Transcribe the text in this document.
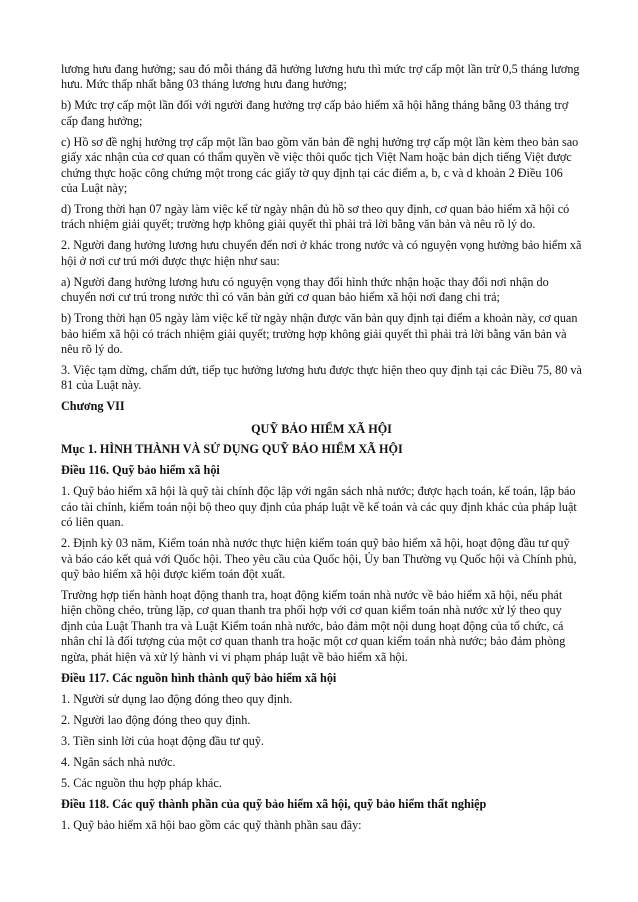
lương hưu đang hưởng; sau đó mỗi tháng đã hưởng lương hưu thì mức trợ cấp một lần trừ 0,5 tháng lương hưu. Mức thấp nhất bằng 03 tháng lương hưu đang hưởng;

b) Mức trợ cấp một lần đối với người đang hưởng trợ cấp bảo hiểm xã hội hằng tháng bằng 03 tháng trợ cấp đang hưởng;

c) Hồ sơ đề nghị hưởng trợ cấp một lần bao gồm văn bản đề nghị hưởng trợ cấp một lần kèm theo bản sao giấy xác nhận của cơ quan có thẩm quyền về việc thôi quốc tịch Việt Nam hoặc bản dịch tiếng Việt được chứng thực hoặc công chứng một trong các giấy tờ quy định tại các điểm a, b, c và d khoản 2 Điều 106 của Luật này;

d) Trong thời hạn 07 ngày làm việc kể từ ngày nhận đủ hồ sơ theo quy định, cơ quan bảo hiểm xã hội có trách nhiệm giải quyết; trường hợp không giải quyết thì phải trả lời bằng văn bản và nêu rõ lý do.

2. Người đang hưởng lương hưu chuyển đến nơi ở khác trong nước và có nguyện vọng hưởng bảo hiểm xã hội ở nơi cư trú mới được thực hiện như sau:

a) Người đang hưởng lương hưu có nguyện vọng thay đổi hình thức nhận hoặc thay đổi nơi nhận do chuyển nơi cư trú trong nước thì có văn bản gửi cơ quan bảo hiểm xã hội nơi đang chi trả;

b) Trong thời hạn 05 ngày làm việc kể từ ngày nhận được văn bản quy định tại điểm a khoản này, cơ quan bảo hiểm xã hội có trách nhiệm giải quyết; trường hợp không giải quyết thì phải trả lời bằng văn bản và nêu rõ lý do.

3. Việc tạm dừng, chấm dứt, tiếp tục hưởng lương hưu được thực hiện theo quy định tại các Điều 75, 80 và 81 của Luật này.

Chương VII

QUỸ BẢO HIỂM XÃ HỘI

Mục 1. HÌNH THÀNH VÀ SỬ DỤNG QUỸ BẢO HIỂM XÃ HỘI

Điều 116. Quỹ bảo hiểm xã hội

1. Quỹ bảo hiểm xã hội là quỹ tài chính độc lập với ngân sách nhà nước; được hạch toán, kế toán, lập báo cáo tài chính, kiểm toán nội bộ theo quy định của pháp luật về kế toán và các quy định khác của pháp luật có liên quan.

2. Định kỳ 03 năm, Kiểm toán nhà nước thực hiện kiểm toán quỹ bảo hiểm xã hội, hoạt động đầu tư quỹ và báo cáo kết quả với Quốc hội. Theo yêu cầu của Quốc hội, Ủy ban Thường vụ Quốc hội và Chính phủ, quỹ bảo hiểm xã hội được kiểm toán đột xuất.

Trường hợp tiến hành hoạt động thanh tra, hoạt động kiểm toán nhà nước về bảo hiểm xã hội, nếu phát hiện chồng chéo, trùng lặp, cơ quan thanh tra phối hợp với cơ quan kiểm toán nhà nước xử lý theo quy định của Luật Thanh tra và Luật Kiểm toán nhà nước, bảo đảm một nội dung hoạt động của tổ chức, cá nhân chỉ là đối tượng của một cơ quan thanh tra hoặc một cơ quan kiểm toán nhà nước; bảo đảm phòng ngừa, phát hiện và xử lý hành vi vi phạm pháp luật về bảo hiểm xã hội.

Điều 117. Các nguồn hình thành quỹ bảo hiểm xã hội

1. Người sử dụng lao động đóng theo quy định.

2. Người lao động đóng theo quy định.

3. Tiền sinh lời của hoạt động đầu tư quỹ.

4. Ngân sách nhà nước.

5. Các nguồn thu hợp pháp khác.

Điều 118. Các quỹ thành phần của quỹ bảo hiểm xã hội, quỹ bảo hiểm thất nghiệp

1. Quỹ bảo hiểm xã hội bao gồm các quỹ thành phần sau đây:
